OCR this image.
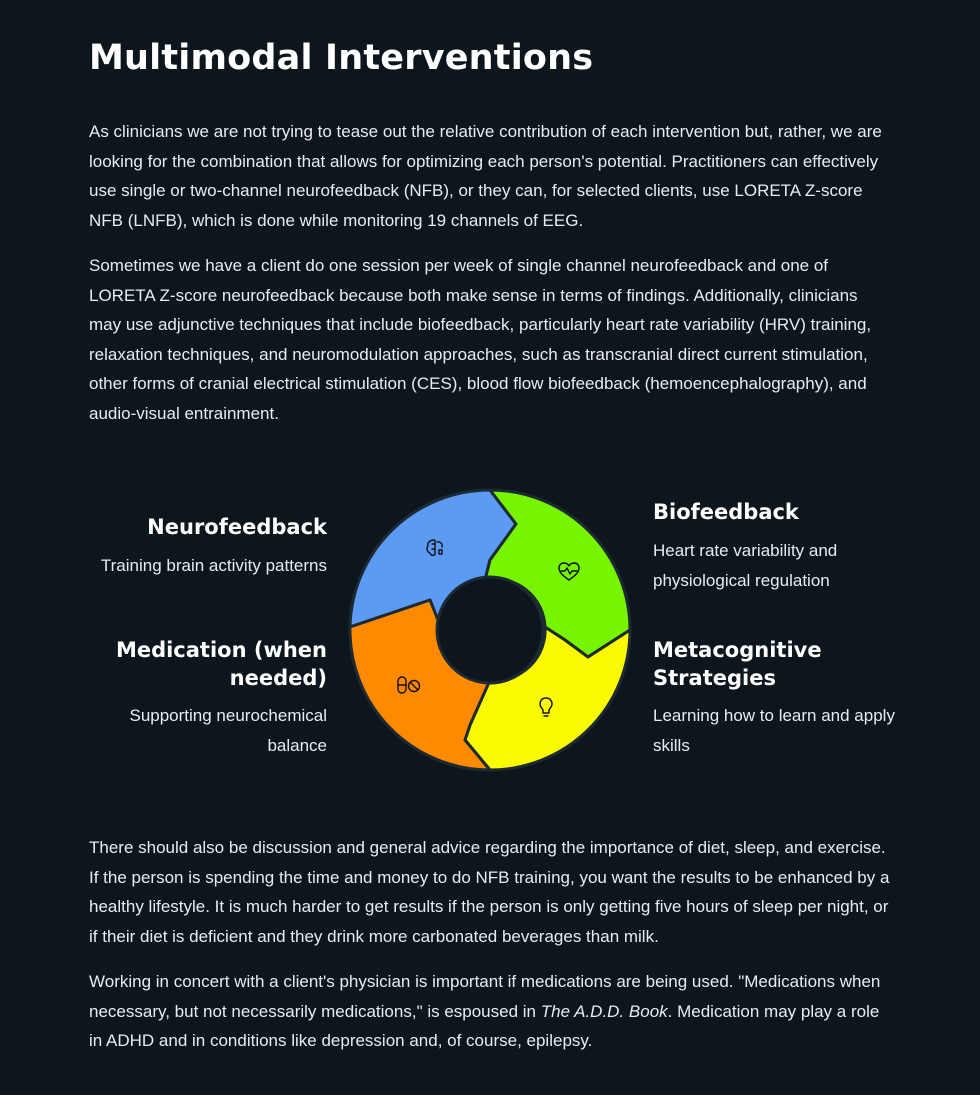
Multimodal Interventions

As clinicians we are not trying to tease out the relative contribution of each intervention but, rather, we are looking for the combination that allows for optimizing each person's potential. Practitioners can effectively use single or two-channel neurofeedback (NFB), or they can, for selected clients, use LORETA Z-score NFB (LNFB), which is done while monitoring 19 channels of EEG.

Sometimes we have a client do one session per week of single channel neurofeedback and one of LORETA Z-score neurofeedback because both make sense in terms of findings. Additionally, clinicians may use adjunctive techniques that include biofeedback, particularly heart rate variability (HRV) training, relaxation techniques, and neuromodulation approaches, such as transcranial direct current stimulation, other forms of cranial electrical stimulation (CES), blood flow biofeedback (hemoencephalography), and audio-visual entrainment.

Neurofeedback
Training brain activity patterns
Medication (when needed)
Supporting neurochemical balance
Biofeedback
Heart rate variability and physiological regulation
Metacognitive Strategies
Learning how to learn and apply skills

There should also be discussion and general advice regarding the importance of diet, sleep, and exercise. If the person is spending the time and money to do NFB training, you want the results to be enhanced by a healthy lifestyle. It is much harder to get results if the person is only getting five hours of sleep per night, or if their diet is deficient and they drink more carbonated beverages than milk.

Working in concert with a client's physician is important if medications are being used. "Medications when necessary, but not necessarily medications," is espoused in The A.D.D. Book. Medication may play a role in ADHD and in conditions like depression and, of course, epilepsy.
